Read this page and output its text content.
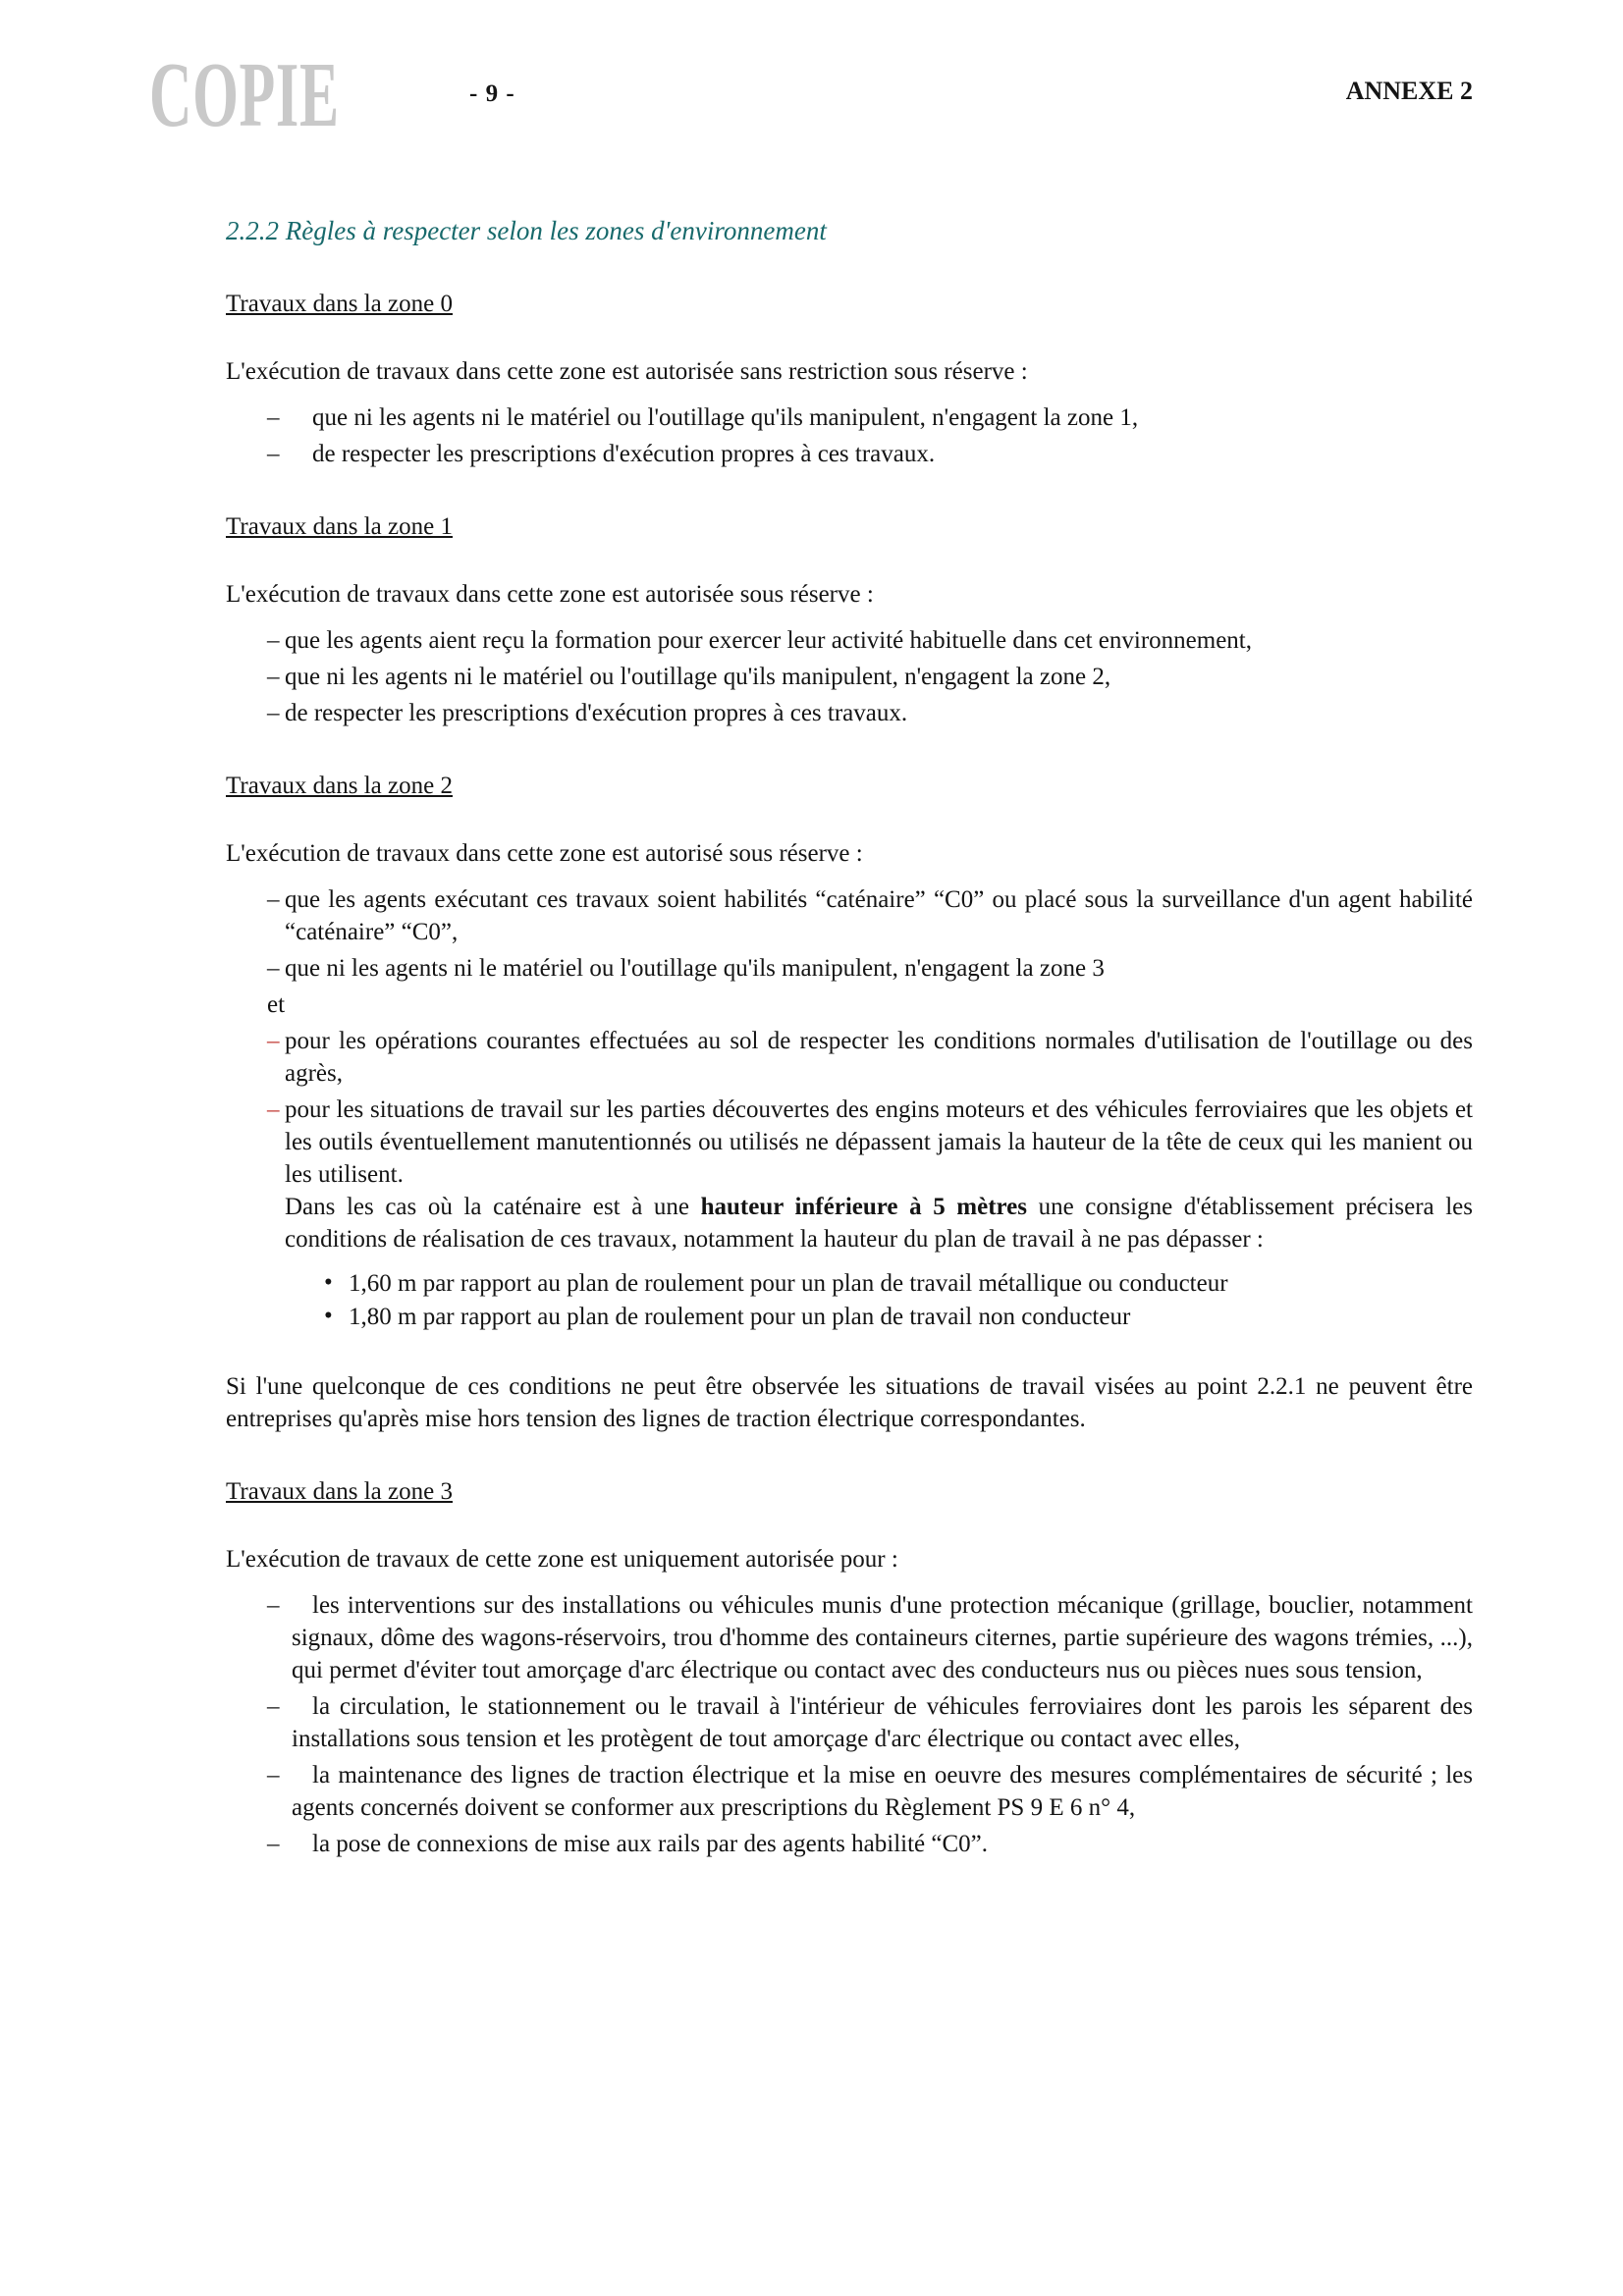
COPIE	- 9 -	ANNEXE 2

2.2.2 Règles à respecter selon les zones d'environnement

Travaux dans la zone 0

L'exécution de travaux dans cette zone est autorisée sans restriction sous réserve :

– que ni les agents ni le matériel ou l'outillage qu'ils manipulent, n'engagent la zone 1,
– de respecter les prescriptions d'exécution propres à ces travaux.

Travaux dans la zone 1

L'exécution de travaux dans cette zone est autorisée sous réserve :

– que les agents aient reçu la formation pour exercer leur activité habituelle dans cet environnement,
– que ni les agents ni le matériel ou l'outillage qu'ils manipulent, n'engagent la zone 2,
– de respecter les prescriptions d'exécution propres à ces travaux.

Travaux dans la zone 2

L'exécution de travaux dans cette zone est autorisé sous réserve :

– que les agents exécutant ces travaux soient habilités “caténaire” “C0” ou placé sous la surveillance d'un agent habilité “caténaire” “C0”,
– que ni les agents ni le matériel ou l'outillage qu'ils manipulent, n'engagent la zone 3

et

– pour les opérations courantes effectuées au sol de respecter les conditions normales d'utilisation de l'outillage ou des agrès,
– pour les situations de travail sur les parties découvertes des engins moteurs et des véhicules ferroviaires que les objets et les outils éventuellement manutentionnés ou utilisés ne dépassent jamais la hauteur de la tête de ceux qui les manient ou les utilisent.

Dans les cas où la caténaire est à une hauteur inférieure à 5 mètres une consigne d'établissement précisera les conditions de réalisation de ces travaux, notamment la hauteur du plan de travail à ne pas dépasser :

• 1,60 m par rapport au plan de roulement pour un plan de travail métallique ou conducteur
• 1,80 m par rapport au plan de roulement pour un plan de travail non conducteur

Si l'une quelconque de ces conditions ne peut être observée les situations de travail visées au point 2.2.1 ne peuvent être entreprises qu'après mise hors tension des lignes de traction électrique correspondantes.

Travaux dans la zone 3

L'exécution de travaux de cette zone est uniquement autorisée pour :

– les interventions sur des installations ou véhicules munis d'une protection mécanique (grillage, bouclier, notamment signaux, dôme des wagons-réservoirs, trou d'homme des containeurs citernes, partie supérieure des wagons trémies, ...), qui permet d'éviter tout amorçage d'arc électrique ou contact avec des conducteurs nus ou pièces nues sous tension,
– la circulation, le stationnement ou le travail à l'intérieur de véhicules ferroviaires dont les parois les séparent des installations sous tension et les protègent de tout amorçage d'arc électrique ou contact avec elles,
– la maintenance des lignes de traction électrique et la mise en oeuvre des mesures complémentaires de sécurité ; les agents concernés doivent se conformer aux prescriptions du Règlement PS 9 E 6 n° 4,
– la pose de connexions de mise aux rails par des agents habilité “C0”.
